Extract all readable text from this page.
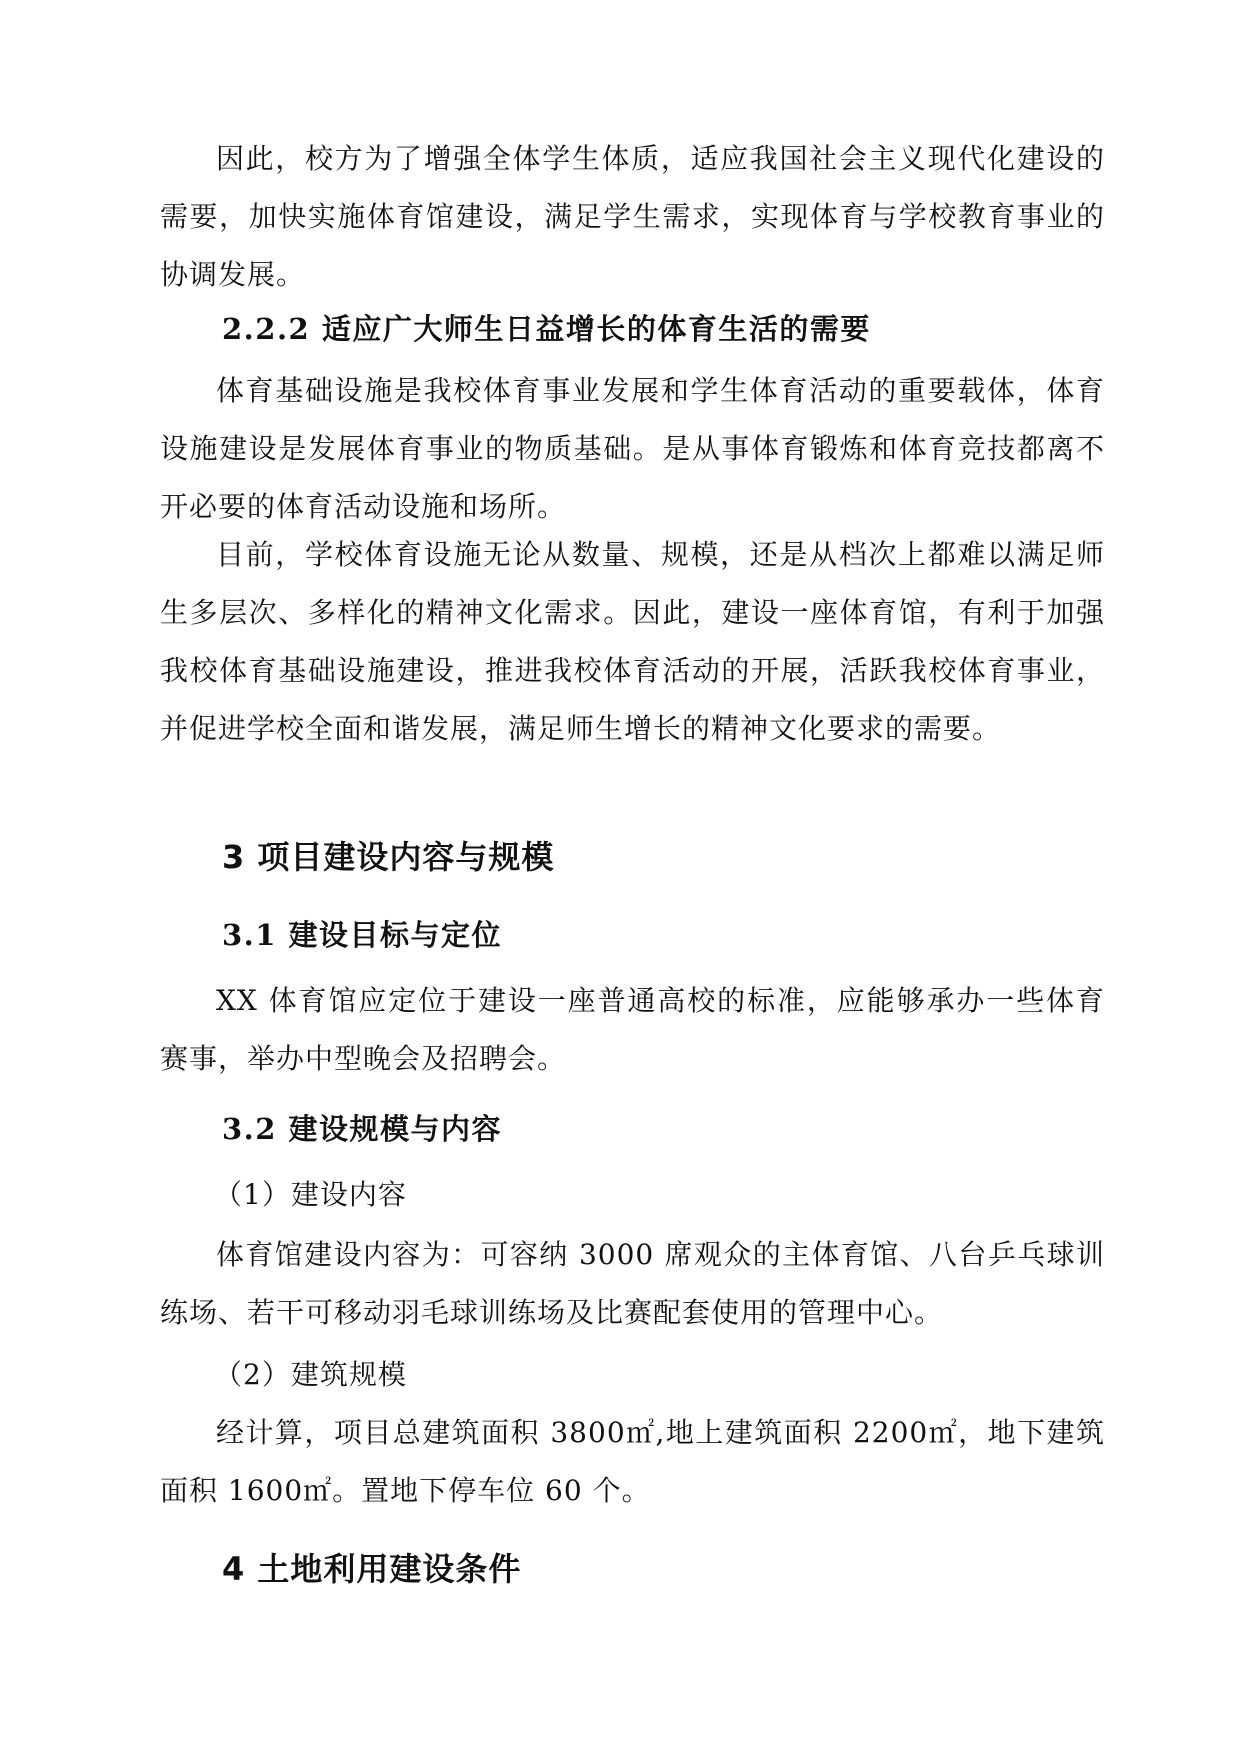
因此，校方为了增强全体学生体质，适应我国社会主义现代化建设的需要，加快实施体育馆建设，满足学生需求，实现体育与学校教育事业的协调发展。

2.2.2 适应广大师生日益增长的体育生活的需要

体育基础设施是我校体育事业发展和学生体育活动的重要载体，体育设施建设是发展体育事业的物质基础。是从事体育锻炼和体育竞技都离不开必要的体育活动设施和场所。

目前，学校体育设施无论从数量、规模，还是从档次上都难以满足师生多层次、多样化的精神文化需求。因此，建设一座体育馆，有利于加强我校体育基础设施建设，推进我校体育活动的开展，活跃我校体育事业，并促进学校全面和谐发展，满足师生增长的精神文化要求的需要。

3 项目建设内容与规模

3.1 建设目标与定位

XX 体育馆应定位于建设一座普通高校的标准，应能够承办一些体育赛事，举办中型晚会及招聘会。

3.2 建设规模与内容

（1）建设内容

体育馆建设内容为：可容纳 3000 席观众的主体育馆、八台乒乓球训练场、若干可移动羽毛球训练场及比赛配套使用的管理中心。

（2）建筑规模

经计算，项目总建筑面积 3800㎡,地上建筑面积 2200㎡，地下建筑面积 1600㎡。置地下停车位 60 个。

4 土地利用建设条件
